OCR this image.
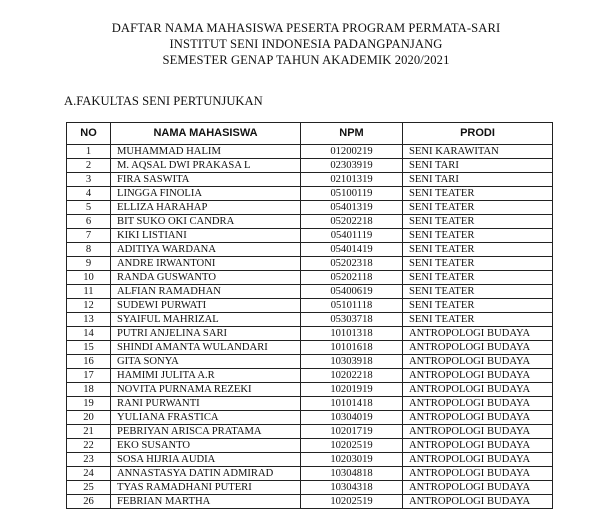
DAFTAR NAMA MAHASISWA PESERTA PROGRAM PERMATA-SARI
INSTITUT SENI INDONESIA PADANGPANJANG
SEMESTER GENAP TAHUN AKADEMIK 2020/2021
A.FAKULTAS SENI PERTUNJUKAN
NO	NAMA MAHASISWA	NPM	PRODI
1	MUHAMMAD HALIM	01200219	SENI KARAWITAN
2	M. AQSAL DWI PRAKASA L	02303919	SENI TARI
3	FIRA SASWITA	02101319	SENI TARI
4	LINGGA FINOLIA	05100119	SENI TEATER
5	ELLIZA HARAHAP	05401319	SENI TEATER
6	BIT SUKO OKI CANDRA	05202218	SENI TEATER
7	KIKI LISTIANI	05401119	SENI TEATER
8	ADITIYA WARDANA	05401419	SENI TEATER
9	ANDRE IRWANTONI	05202318	SENI TEATER
10	RANDA GUSWANTO	05202118	SENI TEATER
11	ALFIAN RAMADHAN	05400619	SENI TEATER
12	SUDEWI PURWATI	05101118	SENI TEATER
13	SYAIFUL MAHRIZAL	05303718	SENI TEATER
14	PUTRI ANJELINA SARI	10101318	ANTROPOLOGI BUDAYA
15	SHINDI AMANTA WULANDARI	10101618	ANTROPOLOGI BUDAYA
16	GITA SONYA	10303918	ANTROPOLOGI BUDAYA
17	HAMIMI JULITA A.R	10202218	ANTROPOLOGI BUDAYA
18	NOVITA PURNAMA REZEKI	10201919	ANTROPOLOGI BUDAYA
19	RANI PURWANTI	10101418	ANTROPOLOGI BUDAYA
20	YULIANA FRASTICA	10304019	ANTROPOLOGI BUDAYA
21	PEBRIYAN ARISCA PRATAMA	10201719	ANTROPOLOGI BUDAYA
22	EKO SUSANTO	10202519	ANTROPOLOGI BUDAYA
23	SOSA HIJRIA AUDIA	10203019	ANTROPOLOGI BUDAYA
24	ANNASTASYA DATIN ADMIRAD	10304818	ANTROPOLOGI BUDAYA
25	TYAS RAMADHANI PUTERI	10304318	ANTROPOLOGI BUDAYA
26	FEBRIAN MARTHA	10202519	ANTROPOLOGI BUDAYA
